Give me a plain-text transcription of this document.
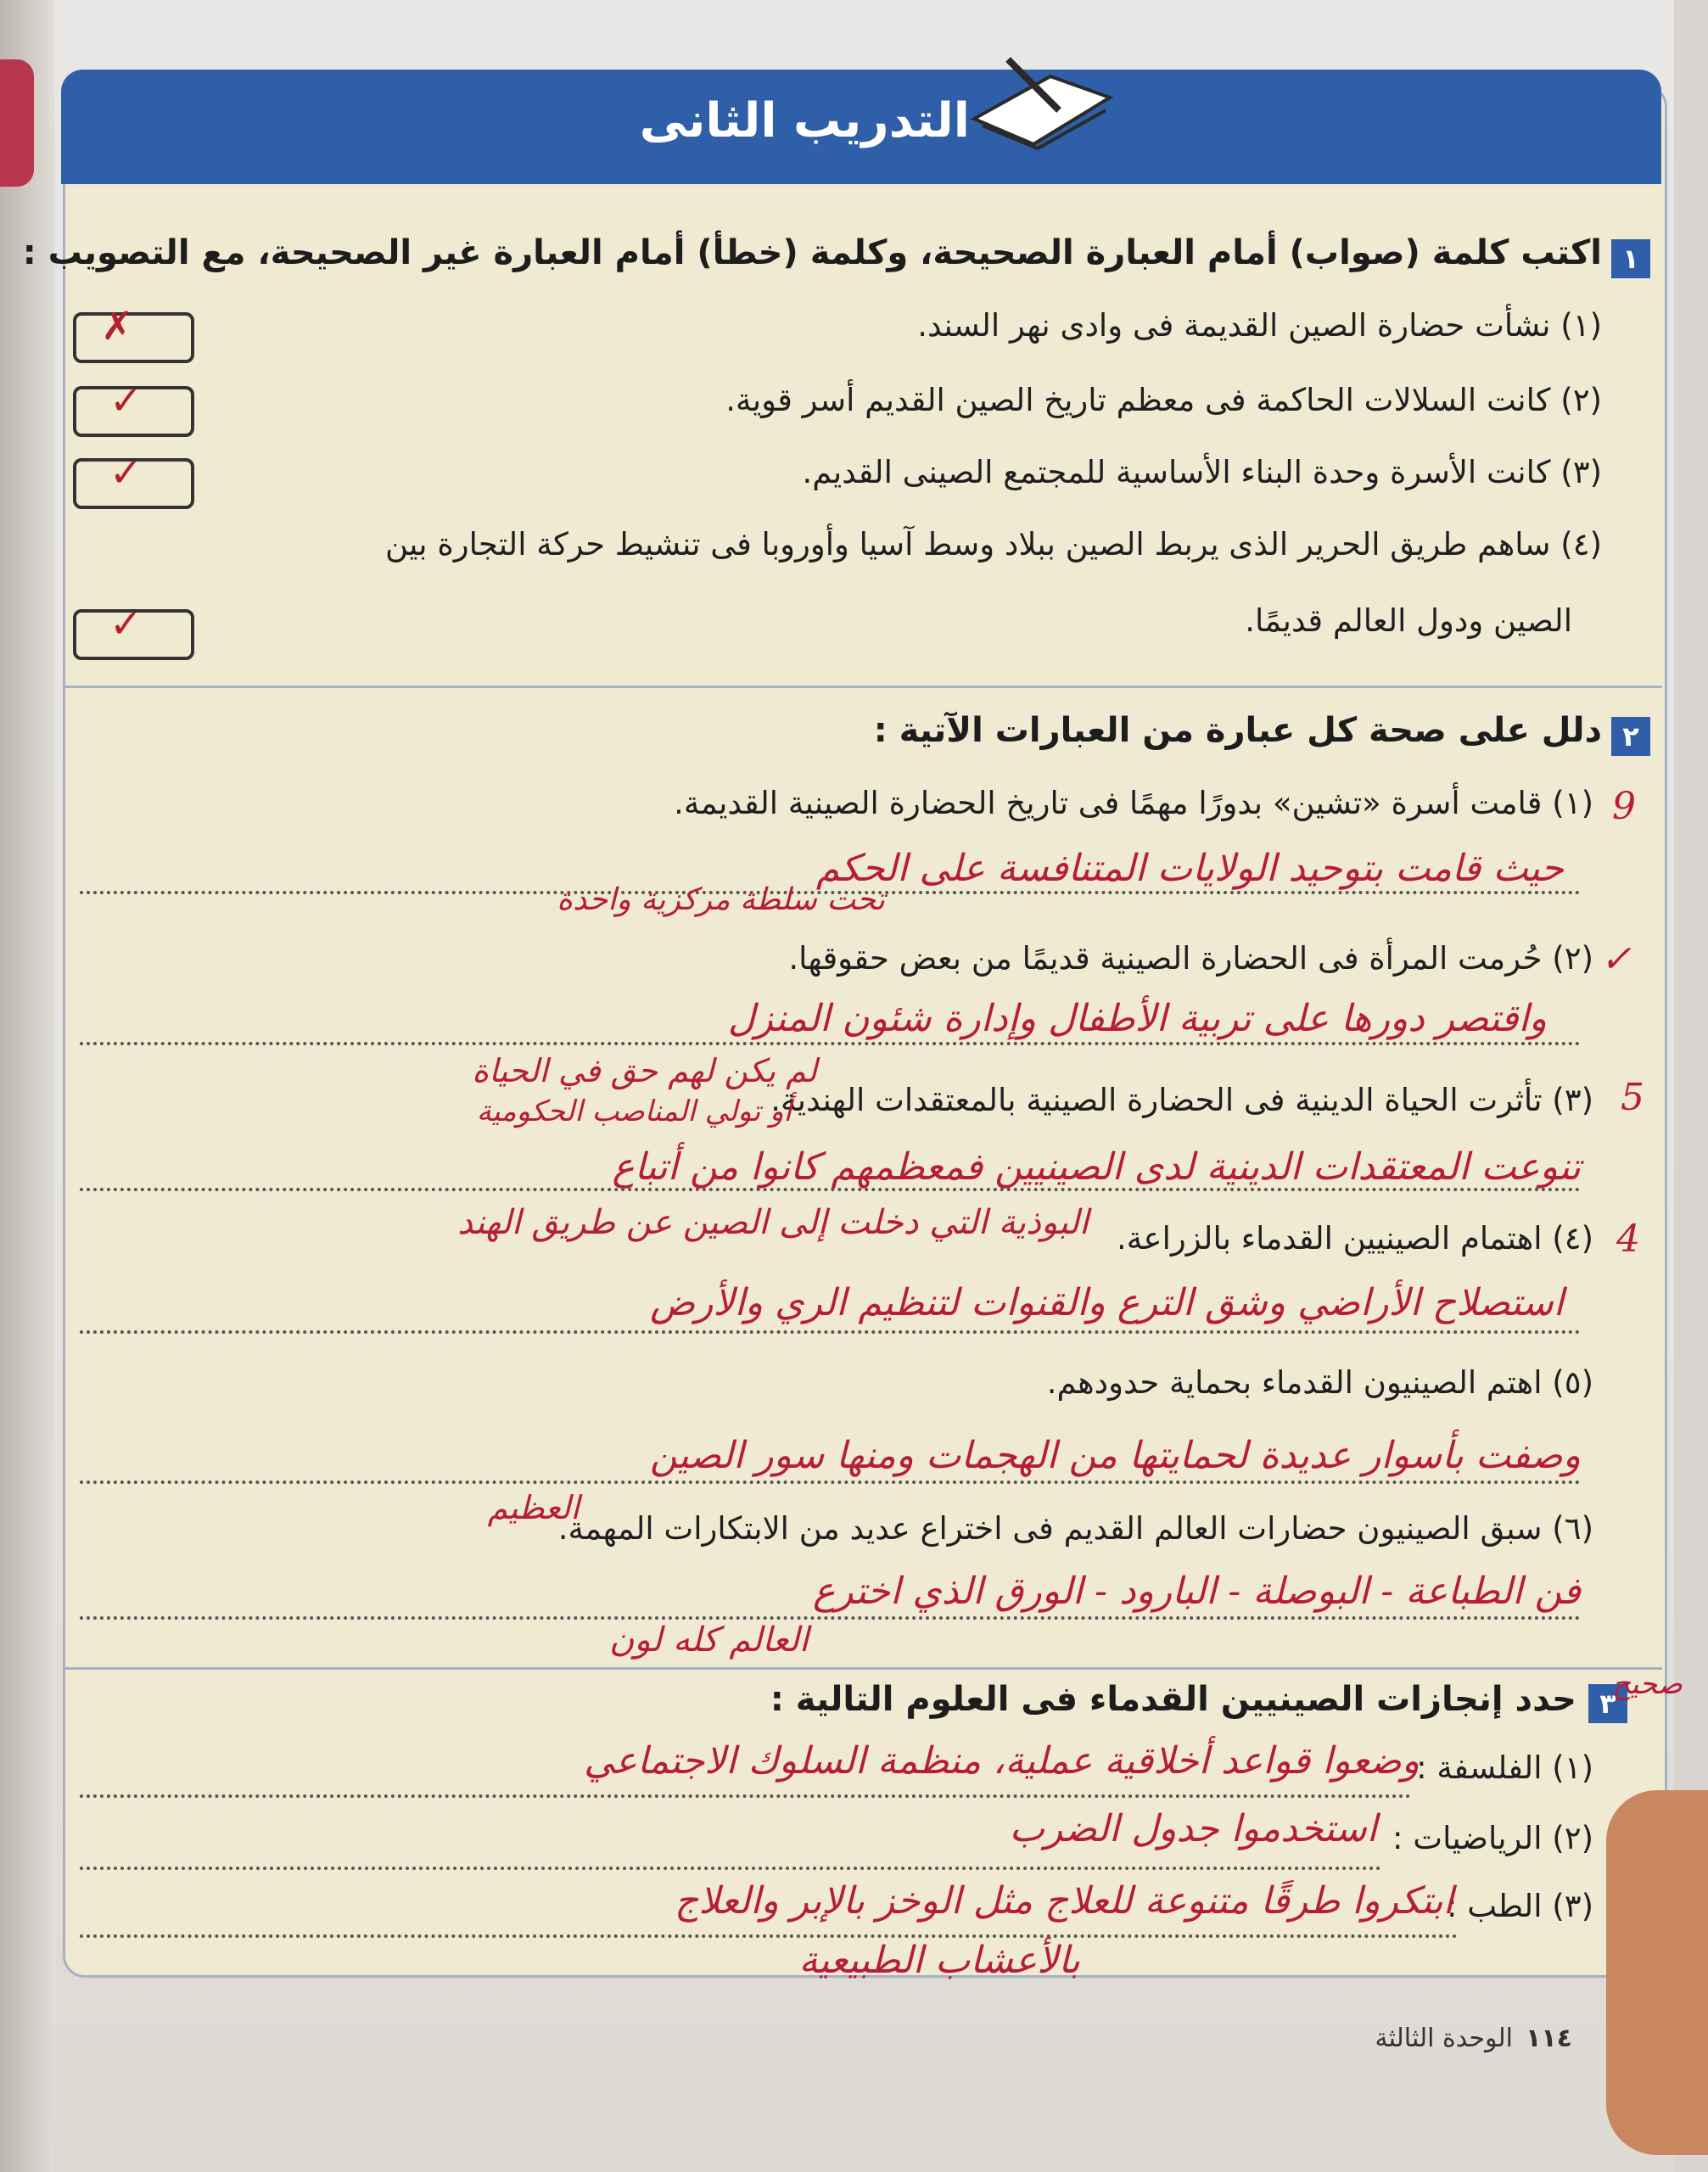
التدريب الثانى
١
اكتب كلمة (صواب) أمام العبارة الصحيحة، وكلمة (خطأ) أمام العبارة غير الصحيحة، مع التصويب :
(١) نشأت حضارة الصين القديمة فى وادى نهر السند.
✗
(٢) كانت السلالات الحاكمة فى معظم تاريخ الصين القديم أسر قوية.
✓
(٣) كانت الأسرة وحدة البناء الأساسية للمجتمع الصينى القديم.
✓
(٤) ساهم طريق الحرير الذى يربط الصين ببلاد وسط آسيا وأوروبا فى تنشيط حركة التجارة بين
الصين ودول العالم قديمًا.
✓
٢
دلل على صحة كل عبارة من العبارات الآتية :
(١) قامت أسرة «تشين» بدورًا مهمًا فى تاريخ الحضارة الصينية القديمة. 9
حيث قامت بتوحيد الولايات المتنافسة على الحكم
تحت سلطة مركزية واحدة
(٢) حُرمت المرأة فى الحضارة الصينية قديمًا من بعض حقوقها. ✓
واقتصر دورها على تربية الأطفال وإدارة شئون المنزل
(٣) تأثرت الحياة الدينية فى الحضارة الصينية بالمعتقدات الهندية. 5
لم يكن لهم حق في الحياة
أو تولي المناصب الحكومية
تنوعت المعتقدات الدينية لدى الصينيين فمعظمهم كانوا من أتباع
البوذية التي دخلت إلى الصين عن طريق الهند (٤) اهتمام الصينيين القدماء بالزراعة. 4
استصلاح الأراضي وشق الترع والقنوات لتنظيم الري والأرض
(٥) اهتم الصينيون القدماء بحماية حدودهم.
وصفت بأسوار عديدة لحمايتها من الهجمات ومنها سور الصين
العظيم
(٦) سبق الصينيون حضارات العالم القديم فى اختراع عديد من الابتكارات المهمة.
فن الطباعة - البوصلة - البارود - الورق الذي اخترع
العالم كله لون
٣
حدد إنجازات الصينيين القدماء فى العلوم التالية : صحيح
(١) الفلسفة :
وضعوا قواعد أخلاقية عملية، منظمة السلوك الاجتماعي
(٢) الرياضيات :
استخدموا جدول الضرب
(٣) الطب :
ابتكروا طرقًا متنوعة للعلاج مثل الوخز بالإبر والعلاج
بالأعشاب الطبيعية
١١٤
الوحدة الثالثة
